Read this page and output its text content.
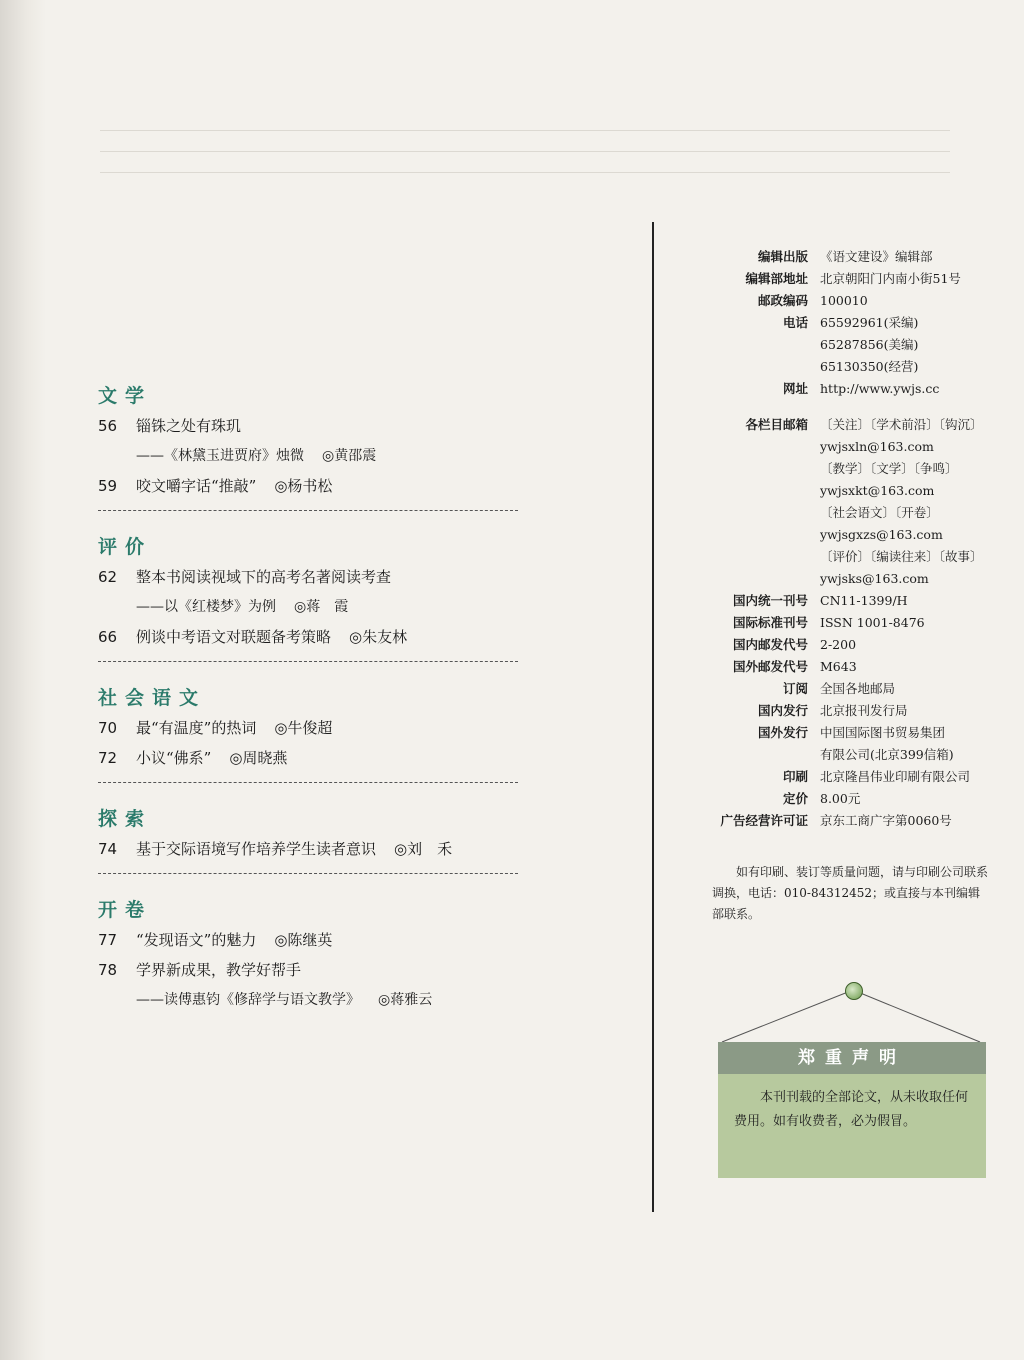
文学
56 锱铢之处有珠玑
——《林黛玉进贾府》烛微 ◎黄邵震
59 咬文嚼字话“推敲” ◎杨书松
评价
62 整本书阅读视域下的高考名著阅读考查
——以《红楼梦》为例 ◎蒋　霞
66 例谈中考语文对联题备考策略 ◎朱友林
社会语文
70 最“有温度”的热词 ◎牛俊超
72 小议“佛系” ◎周晓燕
探索
74 基于交际语境写作培养学生读者意识 ◎刘　禾
开卷
77 “发现语文”的魅力 ◎陈继英
78 学界新成果，教学好帮手
——读傅惠钧《修辞学与语文教学》 ◎蒋雅云
编辑出版 《语文建设》编辑部
编辑部地址 北京朝阳门内南小街51号
邮政编码 100010
电话 65592961(采编)
65287856(美编)
65130350(经营)
网址 http://www.ywjs.cc
各栏目邮箱 〔关注〕〔学术前沿〕〔钩沉〕
ywjsxln@163.com
〔教学〕〔文学〕〔争鸣〕
ywjsxkt@163.com
〔社会语文〕〔开卷〕
ywjsgxzs@163.com
〔评价〕〔编读往来〕〔故事〕
ywjsks@163.com
国内统一刊号 CN11-1399/H
国际标准刊号 ISSN 1001-8476
国内邮发代号 2-200
国外邮发代号 M643
订阅 全国各地邮局
国内发行 北京报刊发行局
国外发行 中国国际图书贸易集团
有限公司(北京399信箱)
印刷 北京隆昌伟业印刷有限公司
定价 8.00元
广告经营许可证 京东工商广字第0060号
如有印刷、装订等质量问题，请与印刷公司联系调换，电话：010-84312452；或直接与本刊编辑部联系。
郑重声明
本刊刊载的全部论文，从未收取任何费用。如有收费者，必为假冒。
